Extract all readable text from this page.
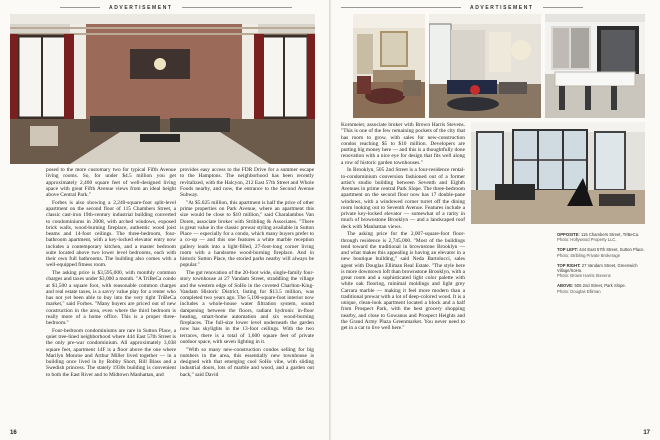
ADVERTISEMENT

posed to the more customary two for typical Fifth Avenue living rooms. So, for under $4.5 million you get approximately 2,400 square feet of well-designed living space with great Fifth Avenue views from an ideal height above Central Park."

Forbes is also showing a 2,240-square-foot split-level apartment on the second floor of 115 Chambers Street, a classic cast-iron 19th-century industrial building converted to condominiums in 2008, with arched windows, exposed brick walls, wood-burning fireplace, authentic wood joist beams and 14-foot ceilings. The three-bedroom, four-bathroom apartment, with a key-locked elevator entry now includes a contemporary kitchen, and a master bedroom suite located above two lower level bedrooms, each with their own full bathrooms. The building also comes with a well-equipped fitness room.

The asking price is $3,595,000, with monthly common charges and taxes under $3,000 a month. "A TriBeCa condo at $1,500 a square foot, with reasonable common charges and real estate taxes, is a savvy value play for a renter who has not yet been able to buy into the very tight TriBeCa market," said Forbes. "Many buyers are priced out of new construction in the area, even where the third bedroom is really more of a home office. This is a proper three-bedroom."

Four-bedroom condominiums are rare in Sutton Place, a quiet tree-lined neighborhood where 444 East 57th Street is the only pre-war condominium. All approximately 3,038 square feet, apartment 14F is a floor above the one where Marilyn Monroe and Arthur Miller lived together — in a building once lived in by Bobby Short, Bill Blass and a Swedish princess. The stately 1930s building is convenient to both the East River and to Midtown Manhattan, and

provides easy access to the FDR Drive for a summer escape to the Hamptons. The neighborhood has been recently revitalized, with the Halcyon, 212 East 57th Street and Whole Foods nearby, and now, the entrance to the Second Avenue Subway.

"At $5.625 million, this apartment is half the price of other prime properties on Park Avenue, where an apartment this size would be close to $10 million," said Charalambos Van Doren, associate broker with Stribling & Associates. "There is great value in the classic prewar styling available in Sutton Place — especially for a condo, which many buyers prefer to a co-op — and this one features a white marble reception gallery leads into a light-filled, 27-foot-long corner living room with a handsome wood-burning fireplace. And in historic Sutton Place, the storied parks nearby will always be popular."

The gut renovation of the 20-foot wide, single-family four-story townhouse at 27 Vandam Street, straddling the village and the western edge of SoHo in the coveted Charlton-King-Vandam Historic District, listing for $13.5 million, was completed two years ago. The 5,100-square-foot interior now includes a whole-house water filtration system, sound dampening between the floors, radiant hydronic in-floor heating, smart-home automation and six wood-burning fireplaces. The full-size lower level underneath the garden now has skylights in the 13-foot ceilings. With the two terraces, there is a total of 1,600 square feet of private outdoor space, with seven lighting in it.

"With so many new-construction condos selling for big numbers in the area, this essentially new townhouse is designed with that emerging cool SoHo vibe, with sliding industrial doors, lots of marble and wood, and a garden out back," said David

16
ADVERTISEMENT

Kornmeier, associate broker with Brown Harris Stevens. "This is one of the few remaining pockets of the city that has room to grow, with sales for new-construction condos reaching $5 to $10 million. Developers are putting big money here — and this is a thoughtfully done renovation with a nice eye for design that fits well along a row of historic garden townhouses."

In Brooklyn, 505 2nd Street is a four-residence rental-to-condominium conversion fashioned out of a former artist's studio building between Seventh and Eighth Avenues in prime central Park Slope. The three-bedroom apartment on the second floor now has 17 double-pane windows, with a windowed corner turret off the dining room looking out to Seventh Avenue. Features include a private key-locked elevator — somewhat of a rarity in much of brownstone Brooklyn — and a landscaped roof deck with Manhattan views.

The asking price for the 2,007-square-foot floor-through residence is 2,745,000. "Most of the buildings tend toward the traditional in brownstone Brooklyn — and what makes this appealing is having an elevator in a new boutique building," said Neda Bartolucci, sales agent with Douglas Elliman Real Estate. "The style here is more downtown loft than brownstone Brooklyn, with a great room and a sophisticated light color palette with white oak flooring, minimal moldings and light grey Carrara marble — making it feel more modern than a traditional prewar with a lot of deep-colored wood. It is a unique, clean-look apartment located a block and a half from Prospect Park, with the best grocery shopping nearby, and close to Gowanus and Prospect Heights and the Grand Army Plaza Greenmarket. You never need to get in a car to live well here."

OPPOSITE: 115 Chambers Street, TriBeCa.
Photo: Hollywood Property LLC.
TOP LEFT: 444 East 57th Street, Sutton Place.
Photo: Stribling Private Brokerage
TOP RIGHT: 27 Vandam Street, Greenwich Village/SoHo.
Photo: Brown Harris Stevens
ABOVE: 505 2nd Street, Park Slope.
Photo: Douglas Elliman
17
